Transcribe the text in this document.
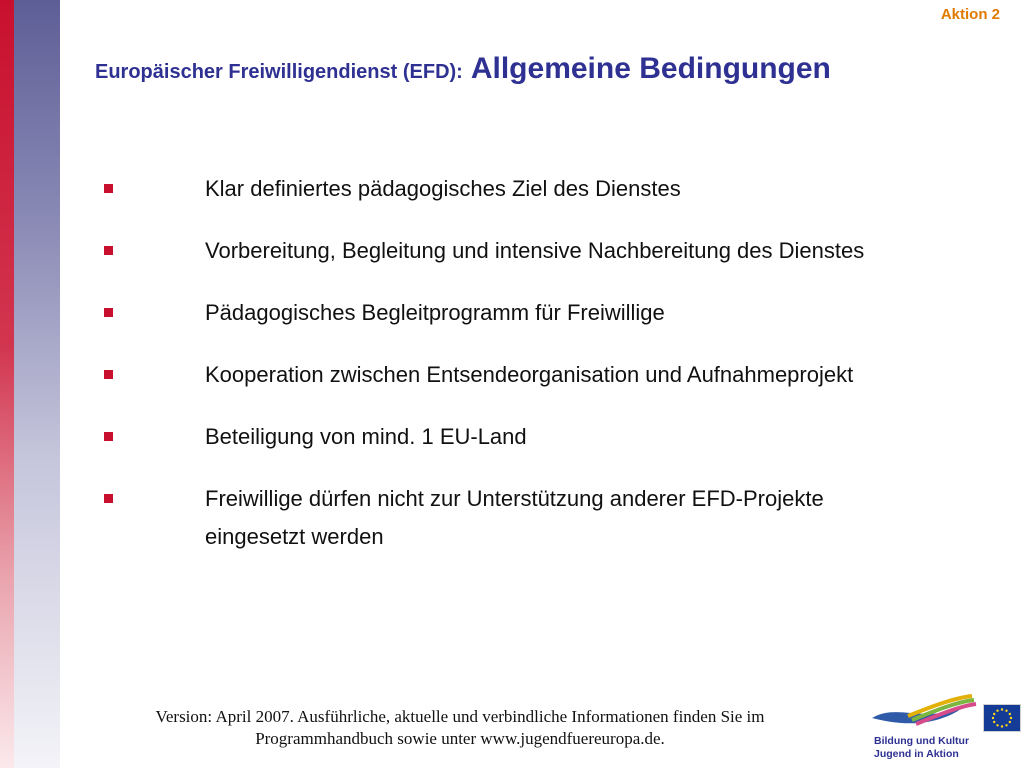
Aktion 2
Europäischer Freiwilligendienst (EFD): Allgemeine Bedingungen
Klar definiertes pädagogisches Ziel des Dienstes
Vorbereitung, Begleitung und intensive Nachbereitung des Dienstes
Pädagogisches Begleitprogramm für Freiwillige
Kooperation zwischen Entsendeorganisation und Aufnahmeprojekt
Beteiligung von mind. 1 EU-Land
Freiwillige dürfen nicht zur Unterstützung anderer EFD-Projekte
eingesetzt werden
Version: April 2007. Ausführliche, aktuelle und verbindliche Informationen finden Sie im
Programmhandbuch sowie unter www.jugendfuereuropa.de.	Bildung und Kultur
Jugend in Aktion
